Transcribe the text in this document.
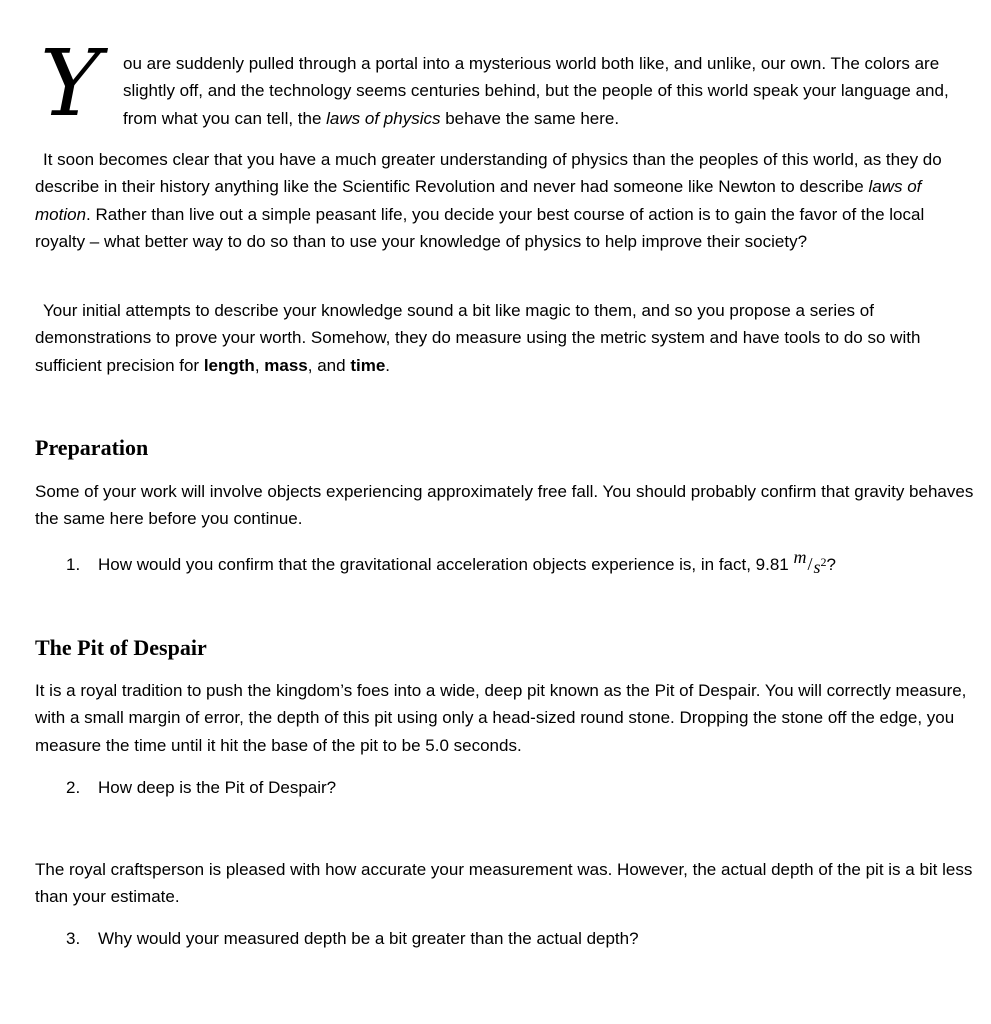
Y ou are suddenly pulled through a portal into a mysterious world both like, and unlike, our own. The colors are slightly off, and the technology seems centuries behind, but the people of this world speak your language and, from what you can tell, the laws of physics behave the same here.
It soon becomes clear that you have a much greater understanding of physics than the peoples of this world, as they do describe in their history anything like the Scientific Revolution and never had someone like Newton to describe laws of motion. Rather than live out a simple peasant life, you decide your best course of action is to gain the favor of the local royalty – what better way to do so than to use your knowledge of physics to help improve their society?
Your initial attempts to describe your knowledge sound a bit like magic to them, and so you propose a series of demonstrations to prove your worth. Somehow, they do measure using the metric system and have tools to do so with sufficient precision for length, mass, and time.
Preparation
Some of your work will involve objects experiencing approximately free fall. You should probably confirm that gravity behaves the same here before you continue.
1. How would you confirm that the gravitational acceleration objects experience is, in fact, 9.81 $m/s^2$?
The Pit of Despair
It is a royal tradition to push the kingdom’s foes into a wide, deep pit known as the Pit of Despair. You will correctly measure, with a small margin of error, the depth of this pit using only a head-sized round stone. Dropping the stone off the edge, you measure the time until it hit the base of the pit to be 5.0 seconds.
2. How deep is the Pit of Despair?
The royal craftsperson is pleased with how accurate your measurement was. However, the actual depth of the pit is a bit less than your estimate.
3. Why would your measured depth be a bit greater than the actual depth?
